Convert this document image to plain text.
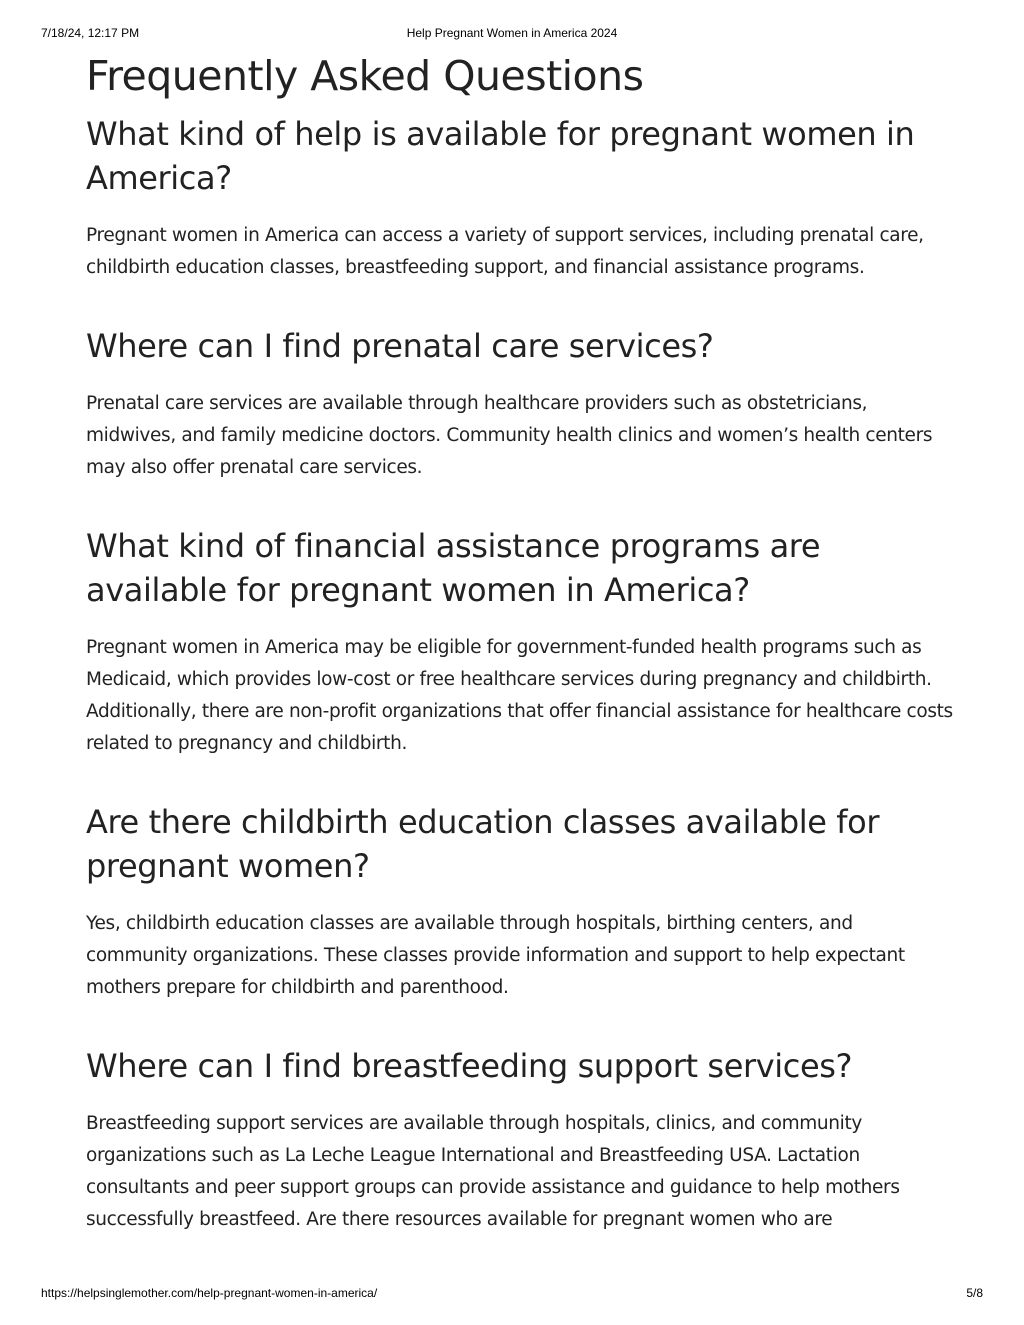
7/18/24, 12:17 PM	Help Pregnant Women in America 2024
Frequently Asked Questions
What kind of help is available for pregnant women in America?

Pregnant women in America can access a variety of support services, including prenatal care, childbirth education classes, breastfeeding support, and financial assistance programs.

Where can I find prenatal care services?

Prenatal care services are available through healthcare providers such as obstetricians, midwives, and family medicine doctors. Community health clinics and women’s health centers may also offer prenatal care services.

What kind of financial assistance programs are available for pregnant women in America?

Pregnant women in America may be eligible for government-funded health programs such as Medicaid, which provides low-cost or free healthcare services during pregnancy and childbirth. Additionally, there are non-profit organizations that offer financial assistance for healthcare costs related to pregnancy and childbirth.

Are there childbirth education classes available for pregnant women?

Yes, childbirth education classes are available through hospitals, birthing centers, and community organizations. These classes provide information and support to help expectant mothers prepare for childbirth and parenthood.

Where can I find breastfeeding support services?

Breastfeeding support services are available through hospitals, clinics, and community organizations such as La Leche League International and Breastfeeding USA. Lactation consultants and peer support groups can provide assistance and guidance to help mothers successfully breastfeed. Are there resources available for pregnant women who are

https://helpsinglemother.com/help-pregnant-women-in-america/	5/8
